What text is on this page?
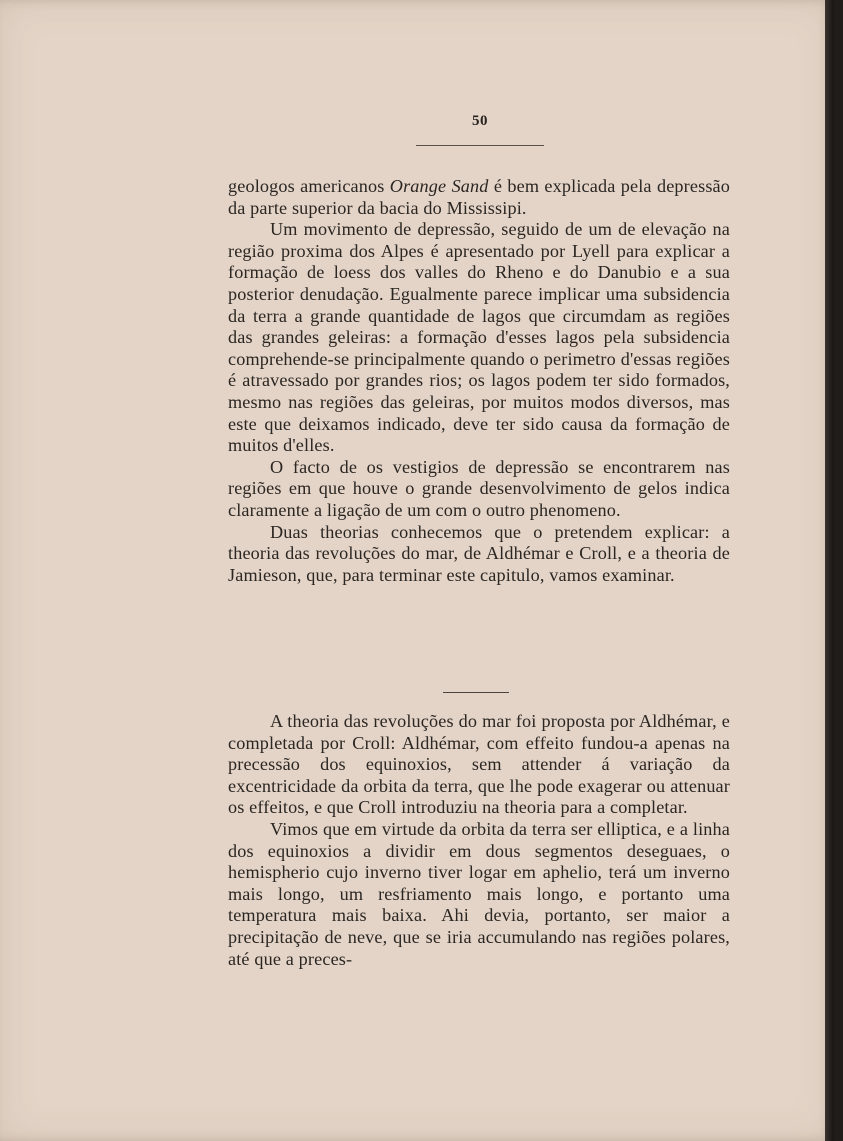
50

geologos americanos Orange Sand é bem explicada pela depressão da parte superior da bacia do Mississipi.

Um movimento de depressão, seguido de um de elevação na região proxima dos Alpes é apresentado por Lyell para explicar a formação de loess dos valles do Rheno e do Danubio e a sua posterior denudação. Egualmente parece implicar uma subsidencia da terra a grande quantidade de lagos que circumdam as regiões das grandes geleiras: a formação d'esses lagos pela subsidencia comprehende-se principalmente quando o perimetro d'essas regiões é atravessado por grandes rios; os lagos podem ter sido formados, mesmo nas regiões das geleiras, por muitos modos diversos, mas este que deixamos indicado, deve ter sido causa da formação de muitos d'elles.

O facto de os vestigios de depressão se encontrarem nas regiões em que houve o grande desenvolvimento de gelos indica claramente a ligação de um com o outro phenomeno.

Duas theorias conhecemos que o pretendem explicar: a theoria das revoluções do mar, de Aldhémar e Croll, e a theoria de Jamieson, que, para terminar este capitulo, vamos examinar.

A theoria das revoluções do mar foi proposta por Aldhémar, e completada por Croll: Aldhémar, com effeito fundou-a apenas na precessão dos equinoxios, sem attender á variação da excentricidade da orbita da terra, que lhe pode exagerar ou attenuar os effeitos, e que Croll introduziu na theoria para a completar.

Vimos que em virtude da orbita da terra ser elliptica, e a linha dos equinoxios a dividir em dous segmentos deseguaes, o hemispherio cujo inverno tiver logar em aphelio, terá um inverno mais longo, um resfriamento mais longo, e portanto uma temperatura mais baixa. Ahi devia, portanto, ser maior a precipitação de neve, que se iria accumulando nas regiões polares, até que a preces-
